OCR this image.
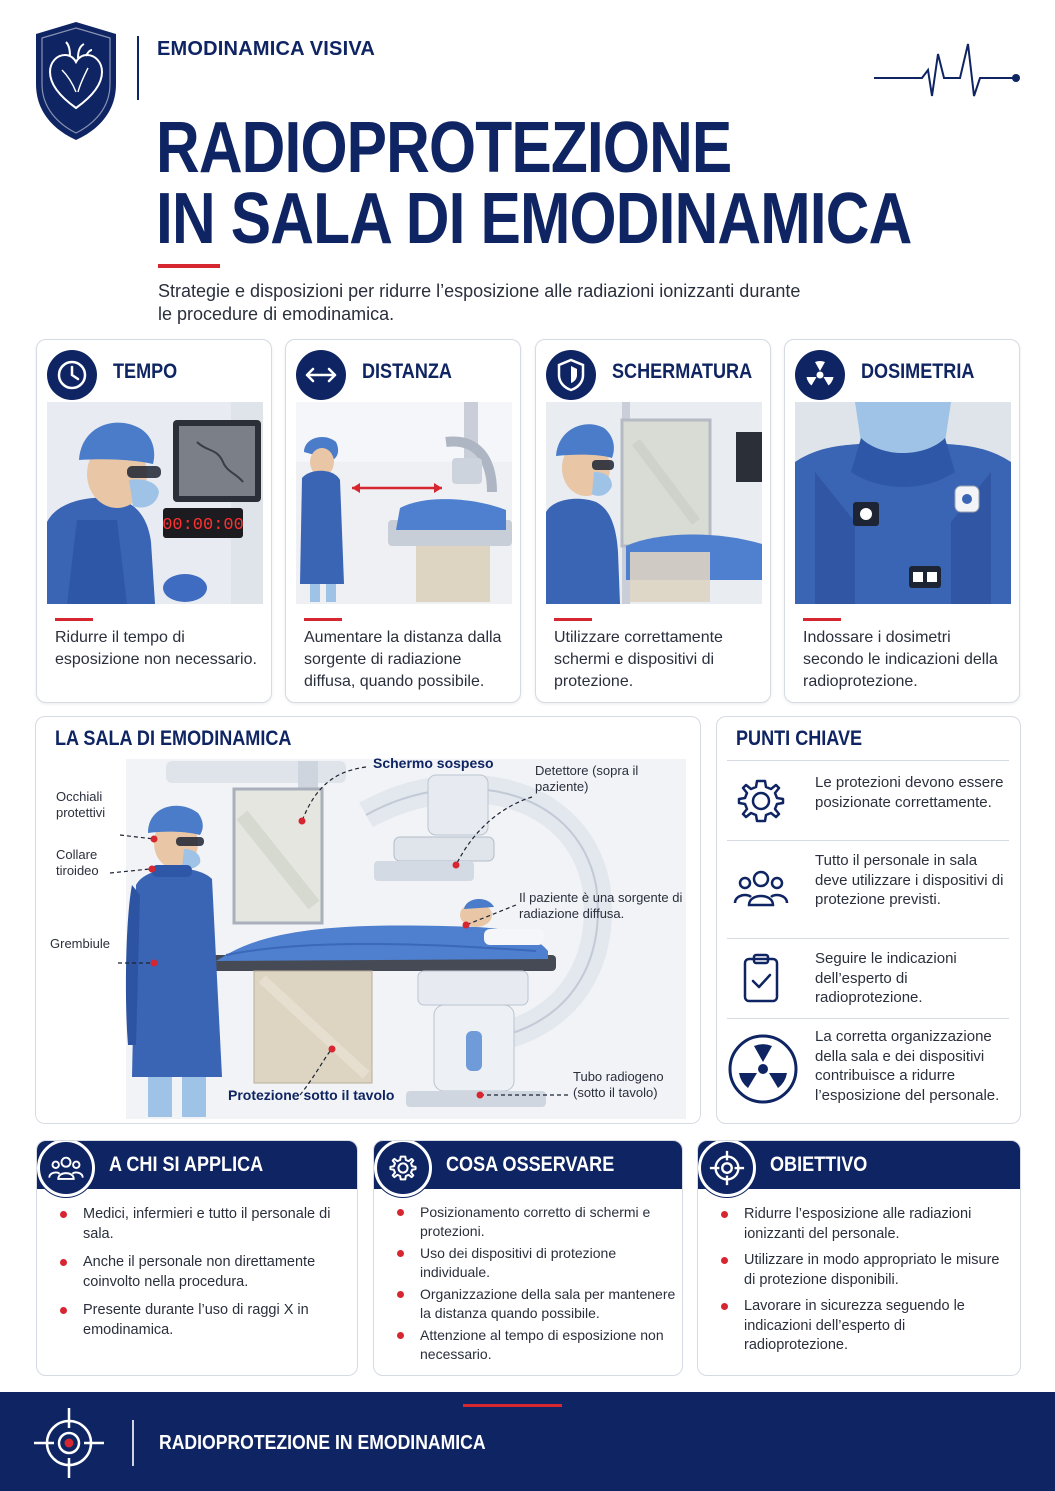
EMODINAMICA VISIVA
RADIOPROTEZIONE
IN SALA DI EMODINAMICA
Strategie e disposizioni per ridurre l’esposizione alle radiazioni ionizzanti durante le procedure di emodinamica.
TEMPO
00:00:00
Ridurre il tempo di esposizione non necessario.
DISTANZA
Aumentare la distanza dalla sorgente di radiazione diffusa, quando possibile.
SCHERMATURA
Utilizzare correttamente schermi e dispositivi di protezione.
DOSIMETRIA
Indossare i dosimetri secondo le indicazioni della radioprotezione.
LA SALA DI EMODINAMICA
Occhiali protettivi
Collare tiroideo
Grembiule
Schermo sospeso	Detettore (sopra il paziente)
Il paziente è una sorgente di radiazione diffusa.
Protezione sotto il tavolo
Tubo radiogeno (sotto il tavolo)
PUNTI CHIAVE
Le protezioni devono essere posizionate correttamente.
Tutto il personale in sala deve utilizzare i dispositivi di protezione previsti.
Seguire le indicazioni dell’esperto di radioprotezione.
La corretta organizzazione della sala e dei dispositivi contribuisce a ridurre l’esposizione del personale.
A CHI SI APPLICA
Medici, infermieri e tutto il personale di sala.
Anche il personale non direttamente coinvolto nella procedura.
Presente durante l’uso di raggi X in emodinamica.
COSA OSSERVARE
Posizionamento corretto di schermi e protezioni.
Uso dei dispositivi di protezione individuale.
Organizzazione della sala per mantenere la distanza quando possibile.
Attenzione al tempo di esposizione non necessario.
OBIETTIVO
Ridurre l’esposizione alle radiazioni ionizzanti del personale.
Utilizzare in modo appropriato le misure di protezione disponibili.
Lavorare in sicurezza seguendo le indicazioni dell’esperto di radioprotezione.
RADIOPROTEZIONE IN EMODINAMICA
